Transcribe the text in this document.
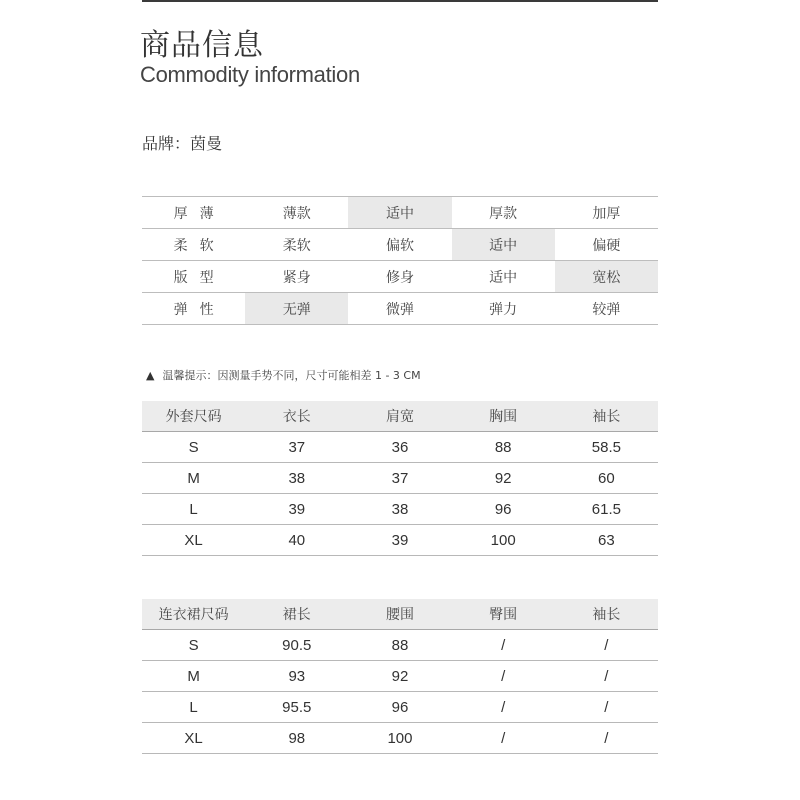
商品信息
Commodity information
品牌：茵曼
厚薄	薄款	适中	厚款	加厚
柔软	柔软	偏软	适中	偏硬
版型	紧身	修身	适中	宽松
弹性	无弹	微弹	弹力	较弹
▲ 温馨提示：因测量手势不同，尺寸可能相差 1 - 3 CM
外套尺码	衣长	肩宽	胸围	袖长
S	37	36	88	58.5
M	38	37	92	60
L	39	38	96	61.5
XL	40	39	100	63
连衣裙尺码	裙长	腰围	臀围	袖长
S	90.5	88	/	/
M	93	92	/	/
L	95.5	96	/	/
XL	98	100	/	/
